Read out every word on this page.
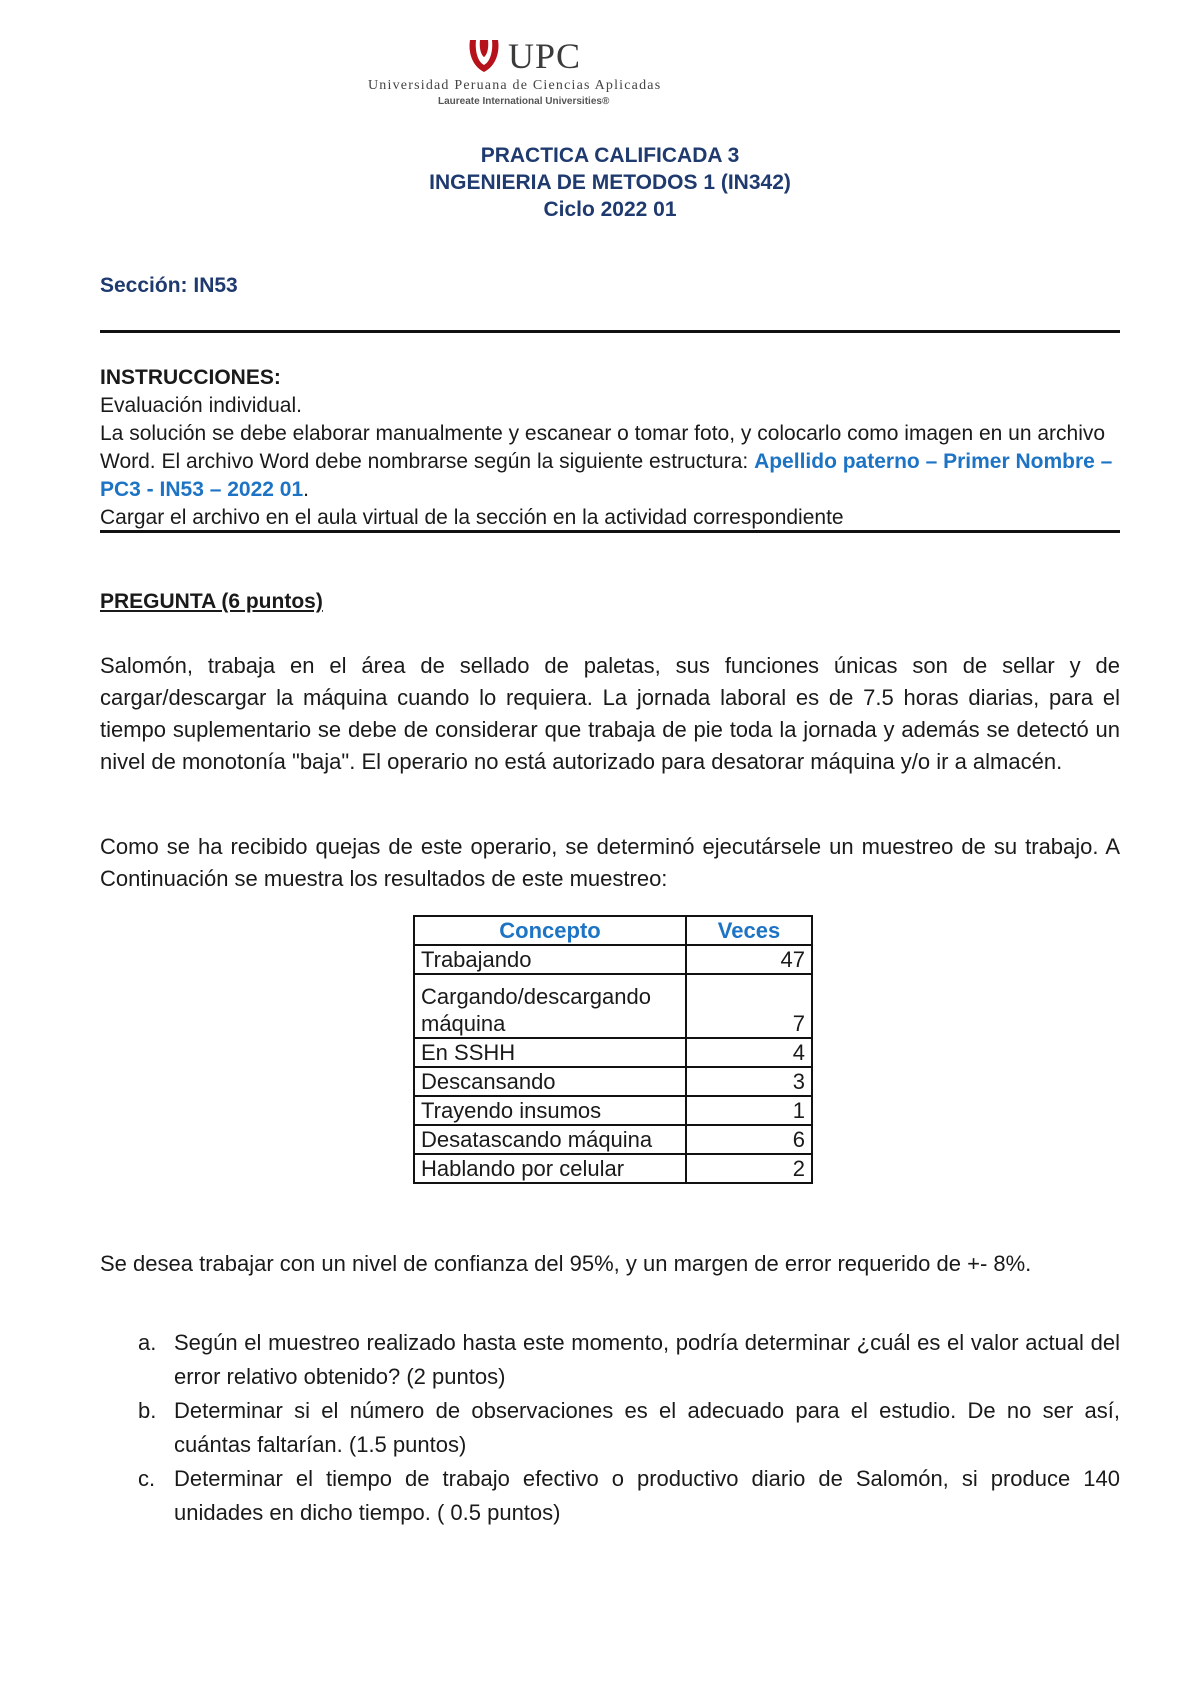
UPC
Universidad Peruana de Ciencias Aplicadas
Laureate International Universities®
PRACTICA CALIFICADA 3
INGENIERIA DE METODOS 1 (IN342)
Ciclo 2022 01
Sección: IN53
INSTRUCCIONES:
Evaluación individual.
La solución se debe elaborar manualmente y escanear o tomar foto, y colocarlo como imagen en un archivo Word. El archivo Word debe nombrarse según la siguiente estructura: Apellido paterno – Primer Nombre – PC3 - IN53 – 2022 01.
Cargar el archivo en el aula virtual de la sección en la actividad correspondiente
PREGUNTA (6 puntos)
Salomón, trabaja en el área de sellado de paletas, sus funciones únicas son de sellar y de cargar/descargar la máquina cuando lo requiera. La jornada laboral es de 7.5 horas diarias, para el tiempo suplementario se debe de considerar que trabaja de pie toda la jornada y además se detectó un nivel de monotonía "baja". El operario no está autorizado para desatorar máquina y/o ir a almacén.
Como se ha recibido quejas de este operario, se determinó ejecutársele un muestreo de su trabajo. A Continuación se muestra los resultados de este muestreo:
Concepto	Veces
Trabajando	47
Cargando/descargando máquina	7
En SSHH	4
Descansando	3
Trayendo insumos	1
Desatascando máquina	6
Hablando por celular	2
Se desea trabajar con un nivel de confianza del 95%, y un margen de error requerido de +- 8%.
a. Según el muestreo realizado hasta este momento, podría determinar ¿cuál es el valor actual del error relativo obtenido? (2 puntos)
b. Determinar si el número de observaciones es el adecuado para el estudio. De no ser así, cuántas faltarían. (1.5 puntos)
c. Determinar el tiempo de trabajo efectivo o productivo diario de Salomón, si produce 140 unidades en dicho tiempo. ( 0.5 puntos)
